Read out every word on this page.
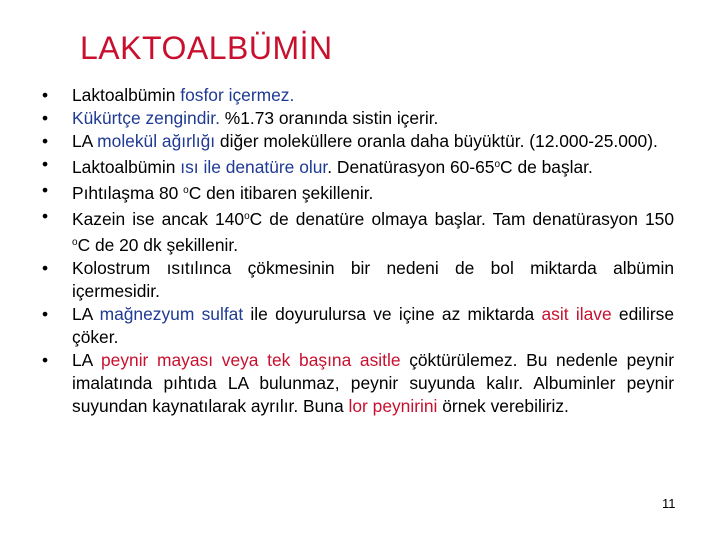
LAKTOALBÜMİN
• Laktoalbümin fosfor içermez.
• Kükürtçe zengindir. %1.73 oranında sistin içerir.
• LA molekül ağırlığı diğer moleküllere oranla daha büyüktür. (12.000-25.000).
• Laktoalbümin ısı ile denatüre olur. Denatürasyon 60-65$^o$C de başlar.
• Pıhtılaşma 80 $^o$C den itibaren şekillenir.
• Kazein ise ancak 140$^o$C de denatüre olmaya başlar. Tam denatürasyon 150 $^o$C de 20 dk şekillenir.
• Kolostrum ısıtılınca çökmesinin bir nedeni de bol miktarda albümin içermesidir.
• LA mağnezyum sulfat ile doyurulursa ve içine az miktarda asit ilave edilirse çöker.
• LA peynir mayası veya tek başına asitle çöktürülemez. Bu nedenle peynir imalatında pıhtıda LA bulunmaz, peynir suyunda kalır. Albuminler peynir suyundan kaynatılarak ayrılır. Buna lor peynirini örnek verebiliriz.
11
